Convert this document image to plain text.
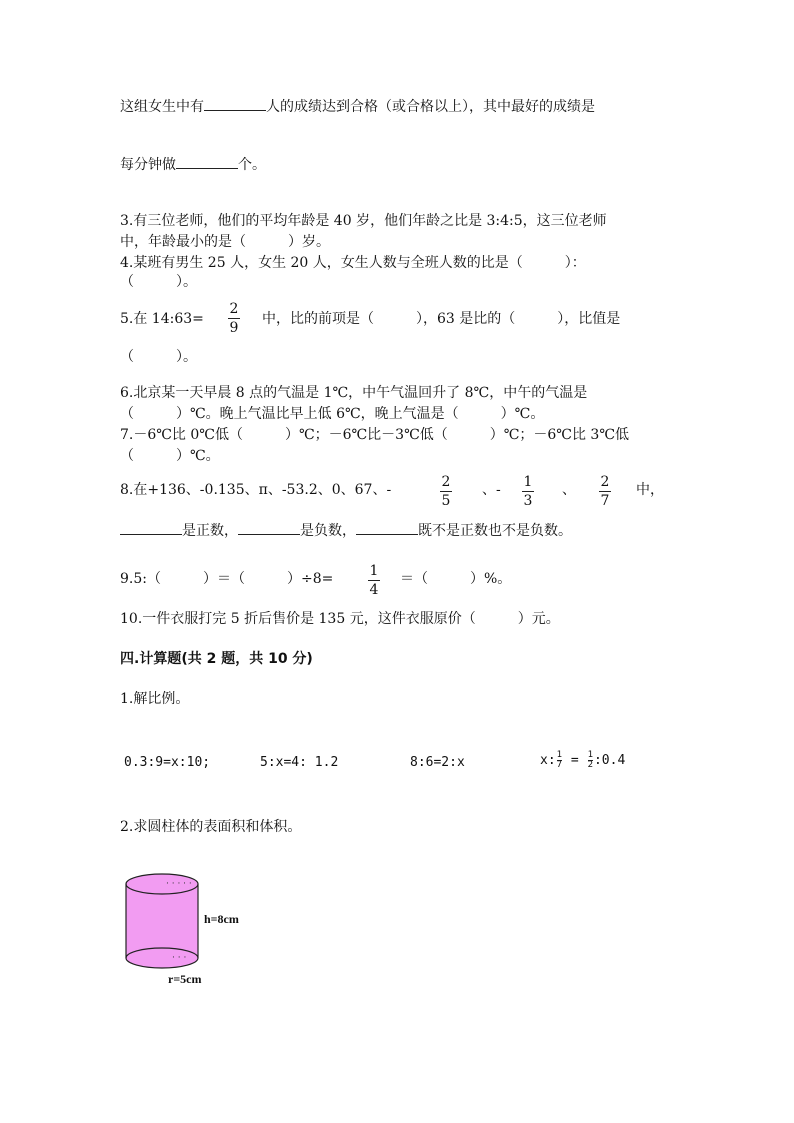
这组女生中有	人的成绩达到合格（或合格以上），其中最好的成绩是
每分钟做	个。
3.有三位老师，他们的平均年龄是 40 岁，他们年龄之比是 3:4:5，这三位老师
中，年龄最小的是（　　　）岁。
4.某班有男生 25 人，女生 20 人，女生人数与全班人数的比是（　　　）：
（　　　）。
5.在 14:63=
2
9
中，比的前项是（　　　），63 是比的（　　　），比值是
（　　　）。
6.北京某一天早晨 8 点的气温是 1℃，中午气温回升了 8℃，中午的气温是
（　　　）℃。晚上气温比早上低 6℃，晚上气温是（　　　）℃。
7.－6℃比 0℃低（　　　）℃；－6℃比－3℃低（　　　）℃；－6℃比 3℃低
（　　　）℃。
8.在+136、-0.135、π、-53.2、0、67、-	2
5
、- 1
3
、 2
7
中，
是正数，	是负数，	既不是正数也不是负数。
9.5:（　　　）＝（　　　）÷8=	1
4
＝（　　　）%。
10.一件衣服打完 5 折后售价是 135 元，这件衣服原价（　　　）元。
四.计算题(共 2 题，共 10 分)
1.解比例。
0.3:9=x:10;	5:x=4: 1.2	8:6=2:x	$x:\frac{1}{7}$ = $\frac{1}{2}:0.4$
2.求圆柱体的表面积和体积。
· · · · ·
· · ·
h=8cm
r=5cm
